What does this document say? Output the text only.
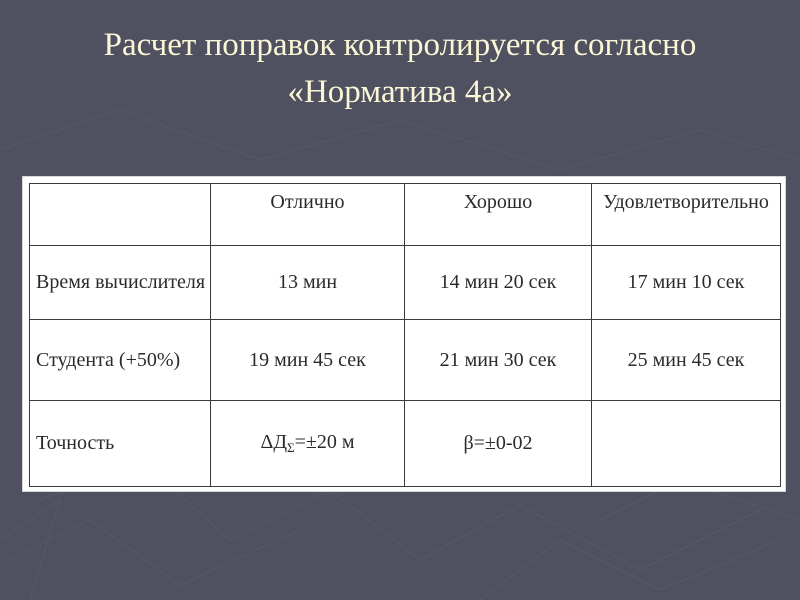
Расчет поправок контролируется согласно
«Норматива 4а»
	Отлично	Хорошо	Удовлетворительно
Время вычислителя	13 мин	14 мин 20 сек	17 мин 10 сек
Студента (+50%)	19 мин 45 сек	21 мин 30 сек	25 мин 45 сек
Точность	$\Delta Д_\Sigma=\pm 20$ м	β=±0-02	
